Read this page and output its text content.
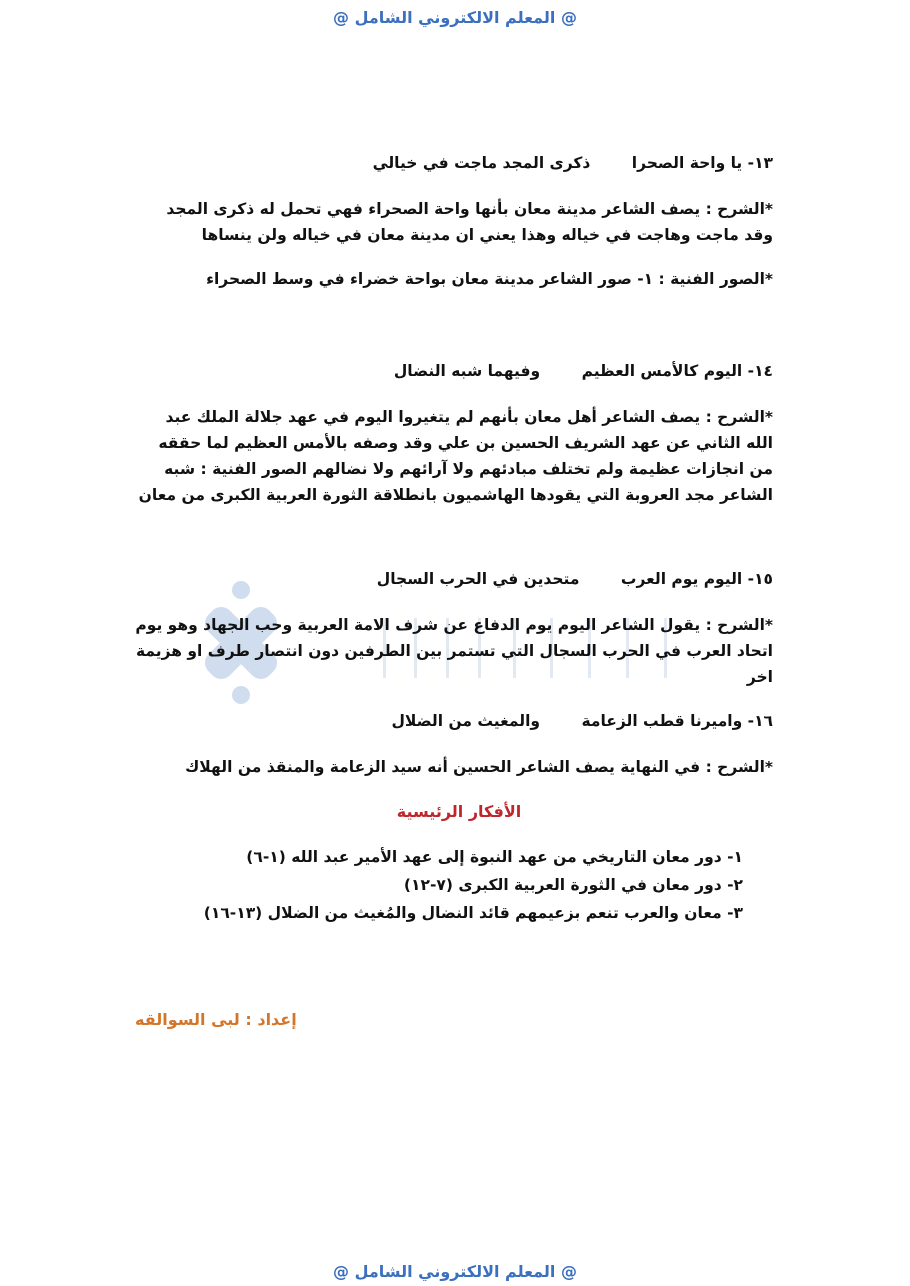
@ المعلم الالكتروني الشامل @
١٣- يا واحة الصحرا ذكرى المجد ماجت في خيالي

*الشرح : يصف الشاعر مدينة معان بأنها واحة الصحراء فهي تحمل له ذكرى المجد وقد ماجت وهاجت في خياله وهذا يعني ان مدينة معان في خياله ولن ينساها

*الصور الفنية : ١- صور الشاعر مدينة معان بواحة خضراء في وسط الصحراء

١٤- اليوم كالأمس العظيم وفيهما شبه النضال

*الشرح : يصف الشاعر أهل معان بأنهم لم يتغيروا اليوم في عهد جلالة الملك عبد الله الثاني عن عهد الشريف الحسين بن علي وقد وصفه بالأمس العظيم لما حققه من انجازات عظيمة ولم تختلف مبادئهم ولا آرائهم ولا نضالهم الصور الفنية : شبه الشاعر مجد العروبة التي يقودها الهاشميون بانطلاقة الثورة العربية الكبرى من معان

١٥- اليوم يوم العرب متحدين في الحرب السجال

*الشرح : يقول الشاعر اليوم يوم الدفاع عن شرف الامة العربية وحب الجهاد وهو يوم اتحاد العرب في الحرب السجال التي تستمر بين الطرفين دون انتصار طرف او هزيمة اخر

١٦- واميرنا قطب الزعامة والمغيث من الضلال

*الشرح : في النهاية يصف الشاعر الحسين أنه سيد الزعامة والمنقذ من الهلاك

الأفكار الرئيسية
١- دور معان التاريخي من عهد النبوة إلى عهد الأمير عبد الله (١-٦)
٢- دور معان في الثورة العربية الكبرى (٧-١٢)
٣- معان والعرب تنعم بزعيمهم قائد النضال والمُغيث من الضلال (١٣-١٦)
إعداد : لبى السوالقه
@ المعلم الالكتروني الشامل @
